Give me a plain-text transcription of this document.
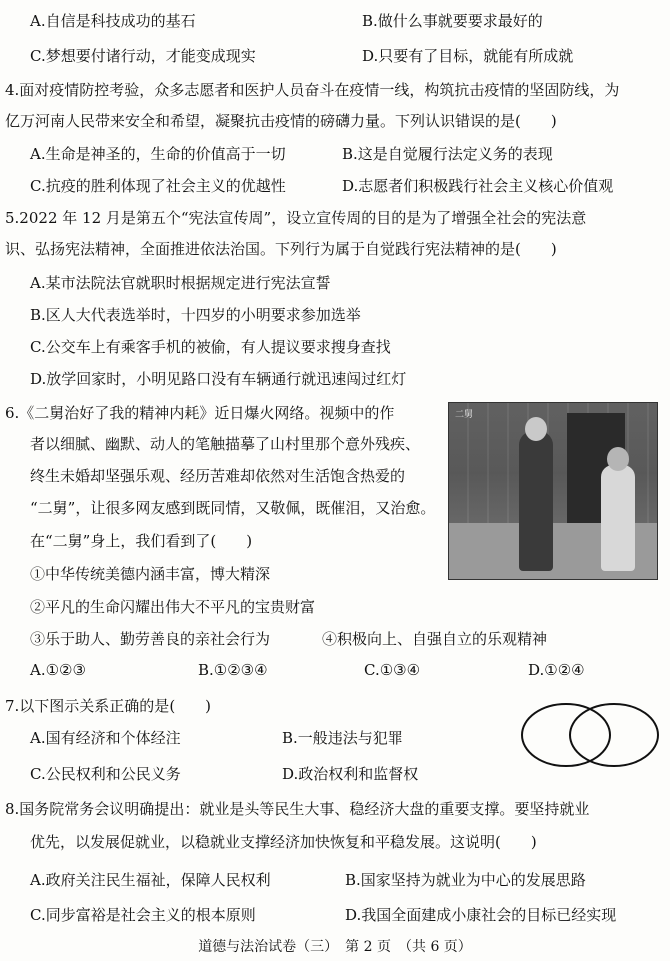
A.自信是科技成功的基石	B.做什么事就要要求最好的
C.梦想要付诸行动，才能变成现实	D.只要有了目标，就能有所成就
4.面对疫情防控考验，众多志愿者和医护人员奋斗在疫情一线，构筑抗击疫情的坚固防线，为
亿万河南人民带来安全和希望，凝聚抗击疫情的磅礴力量。下列认识错误的是(　　)
A.生命是神圣的，生命的价值高于一切	B.这是自觉履行法定义务的表现
C.抗疫的胜利体现了社会主义的优越性	D.志愿者们积极践行社会主义核心价值观
5.2022 年 12 月是第五个“宪法宣传周”，设立宣传周的目的是为了增强全社会的宪法意
识、弘扬宪法精神，全面推进依法治国。下列行为属于自觉践行宪法精神的是(　　)
A.某市法院法官就职时根据规定进行宪法宣誓
B.区人大代表选举时，十四岁的小明要求参加选举
C.公交车上有乘客手机的被偷，有人提议要求搜身查找
D.放学回家时，小明见路口没有车辆通行就迅速闯过红灯
6.《二舅治好了我的精神内耗》近日爆火网络。视频中的作
者以细腻、幽默、动人的笔触描摹了山村里那个意外残疾、
终生未婚却坚强乐观、经历苦难却依然对生活饱含热爱的
“二舅”，让很多网友感到既同情，又敬佩，既催泪，又治愈。
在“二舅”身上，我们看到了(　　)
二舅
①中华传统美德内涵丰富，博大精深
②平凡的生命闪耀出伟大不平凡的宝贵财富
③乐于助人、勤劳善良的亲社会行为	④积极向上、自强自立的乐观精神
A.①②③	B.①②③④	C.①③④	D.①②④
7.以下图示关系正确的是(　　)
A.国有经济和个体经注	B.一般违法与犯罪
C.公民权利和公民义务	D.政治权利和监督权
8.国务院常务会议明确提出：就业是头等民生大事、稳经济大盘的重要支撑。要坚持就业
优先，以发展促就业，以稳就业支撑经济加快恢复和平稳发展。这说明(　　)
A.政府关注民生福祉，保障人民权利	B.国家坚持为就业为中心的发展思路
C.同步富裕是社会主义的根本原则	D.我国全面建成小康社会的目标已经实现
道德与法治试卷（三）　第 2 页　（共 6 页）
